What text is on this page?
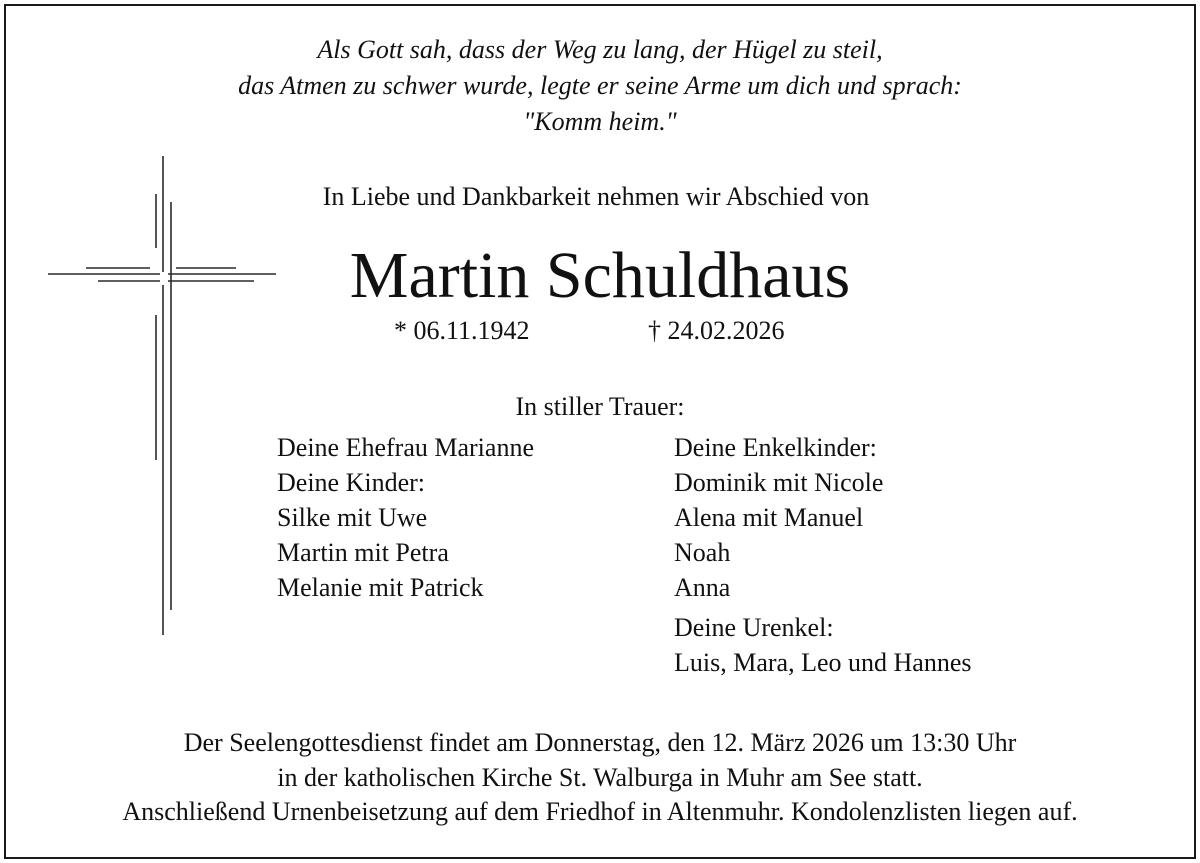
Als Gott sah, dass der Weg zu lang, der Hügel zu steil,
das Atmen zu schwer wurde, legte er seine Arme um dich und sprach:
"Komm heim."
In Liebe und Dankbarkeit nehmen wir Abschied von
Martin Schuldhaus
* 06.11.1942	† 24.02.2026
In stiller Trauer:
Deine Ehefrau Marianne
Deine Kinder:
Silke mit Uwe
Martin mit Petra
Melanie mit Patrick
Deine Enkelkinder:
Dominik mit Nicole
Alena mit Manuel
Noah
Anna
Deine Urenkel:
Luis, Mara, Leo und Hannes
Der Seelengottesdienst findet am Donnerstag, den 12. März 2026 um 13:30 Uhr
in der katholischen Kirche St. Walburga in Muhr am See statt.
Anschließend Urnenbeisetzung auf dem Friedhof in Altenmuhr. Kondolenzlisten liegen auf.
